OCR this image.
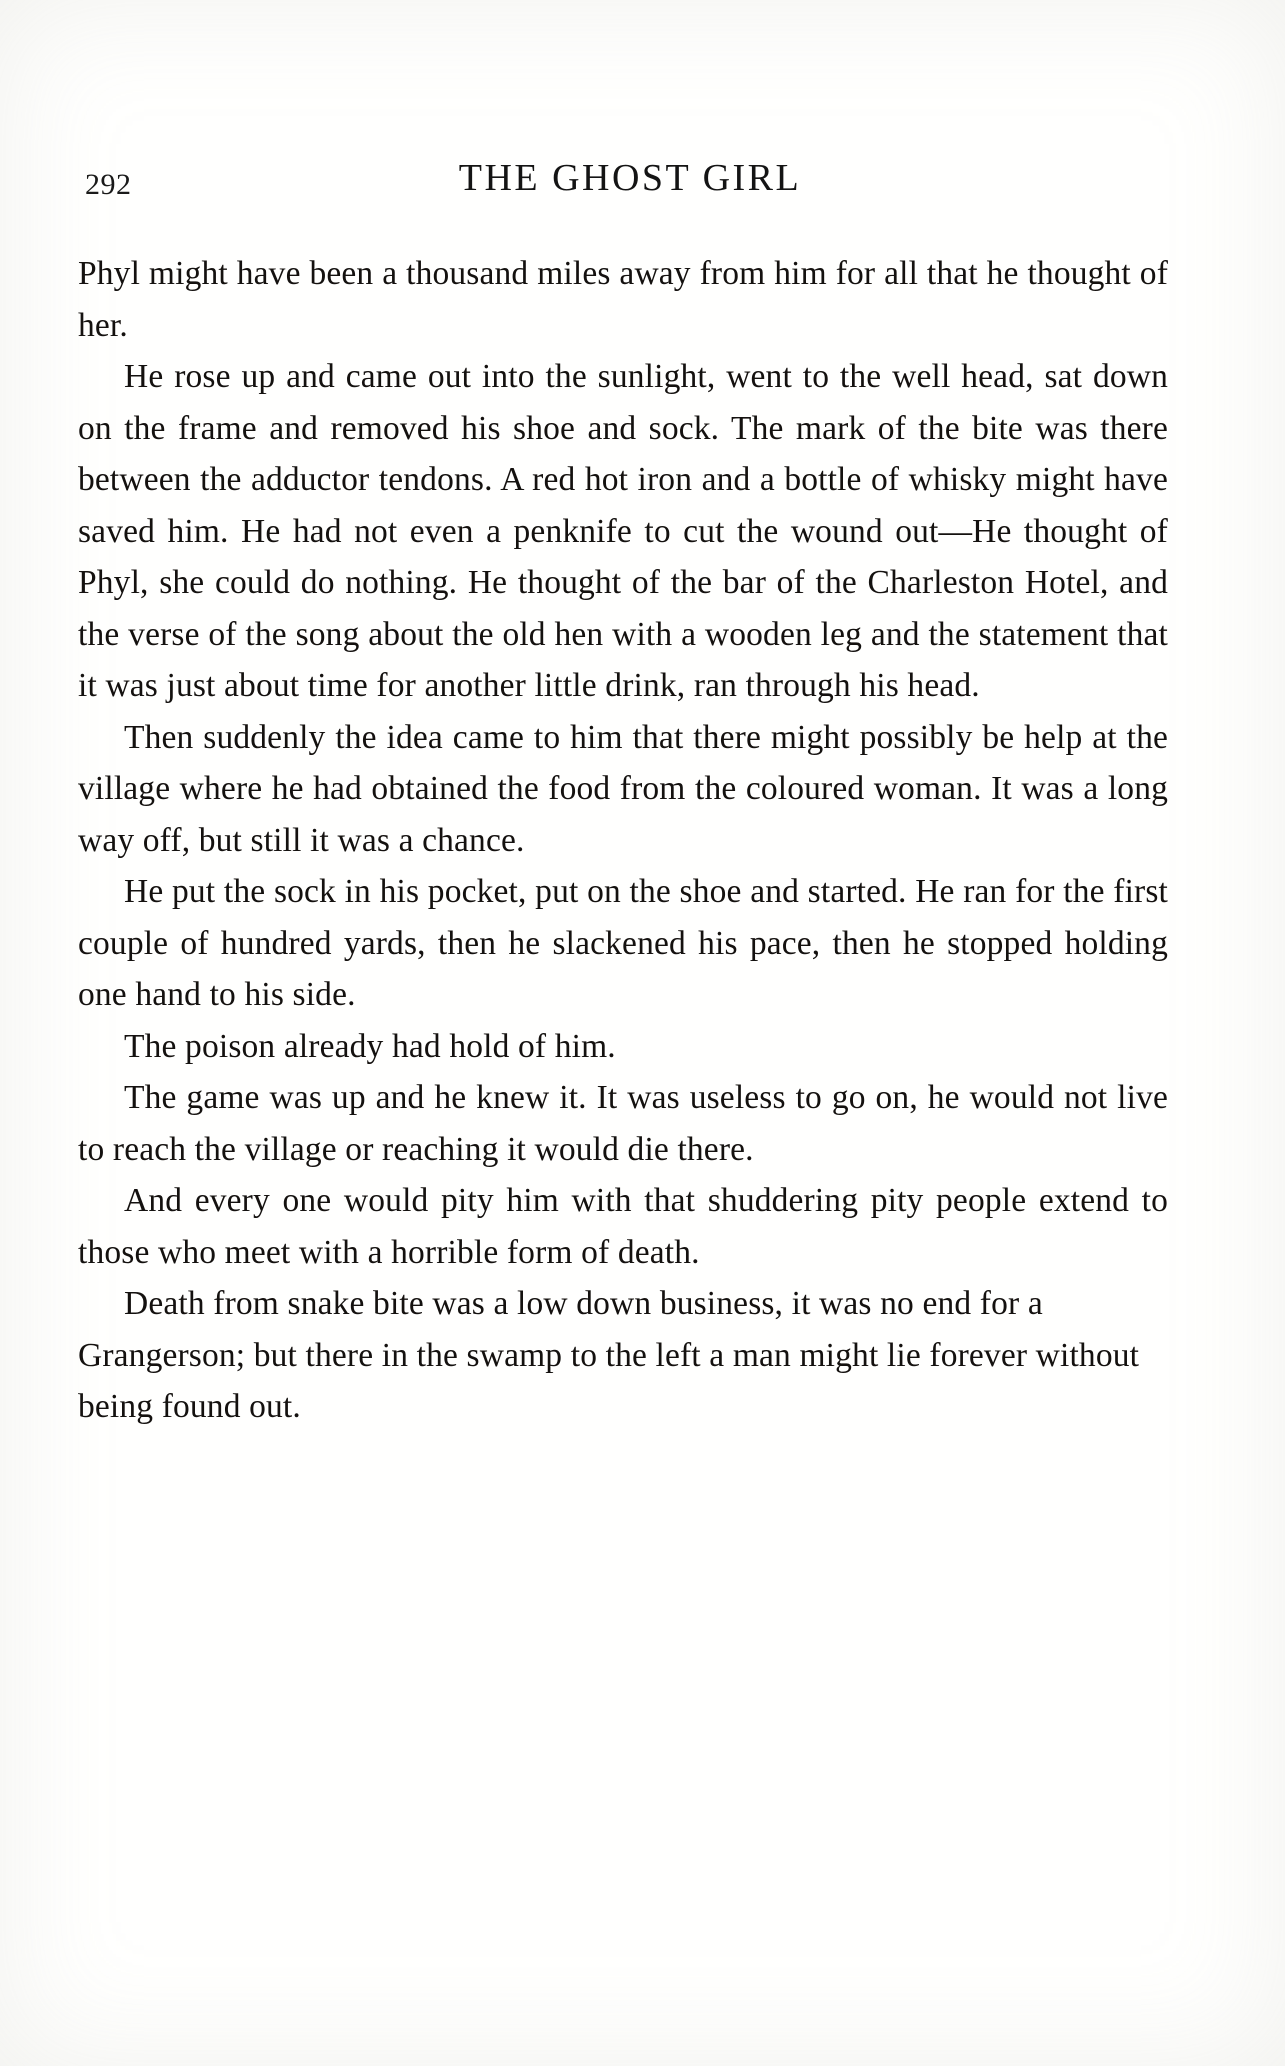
292	THE GHOST GIRL

Phyl might have been a thousand miles away from him for all that he thought of her.

He rose up and came out into the sunlight, went to the well head, sat down on the frame and removed his shoe and sock. The mark of the bite was there between the adductor tendons. A red hot iron and a bottle of whisky might have saved him. He had not even a penknife to cut the wound out—He thought of Phyl, she could do nothing. He thought of the bar of the Charleston Hotel, and the verse of the song about the old hen with a wooden leg and the statement that it was just about time for another little drink, ran through his head.

Then suddenly the idea came to him that there might possibly be help at the village where he had obtained the food from the coloured woman. It was a long way off, but still it was a chance.

He put the sock in his pocket, put on the shoe and started. He ran for the first couple of hundred yards, then he slackened his pace, then he stopped holding one hand to his side.

The poison already had hold of him.

The game was up and he knew it. It was useless to go on, he would not live to reach the village or reaching it would die there.

And every one would pity him with that shuddering pity people extend to those who meet with a horrible form of death.

Death from snake bite was a low down business, it was no end for a Grangerson; but there in the swamp to the left a man might lie forever without being found out.
